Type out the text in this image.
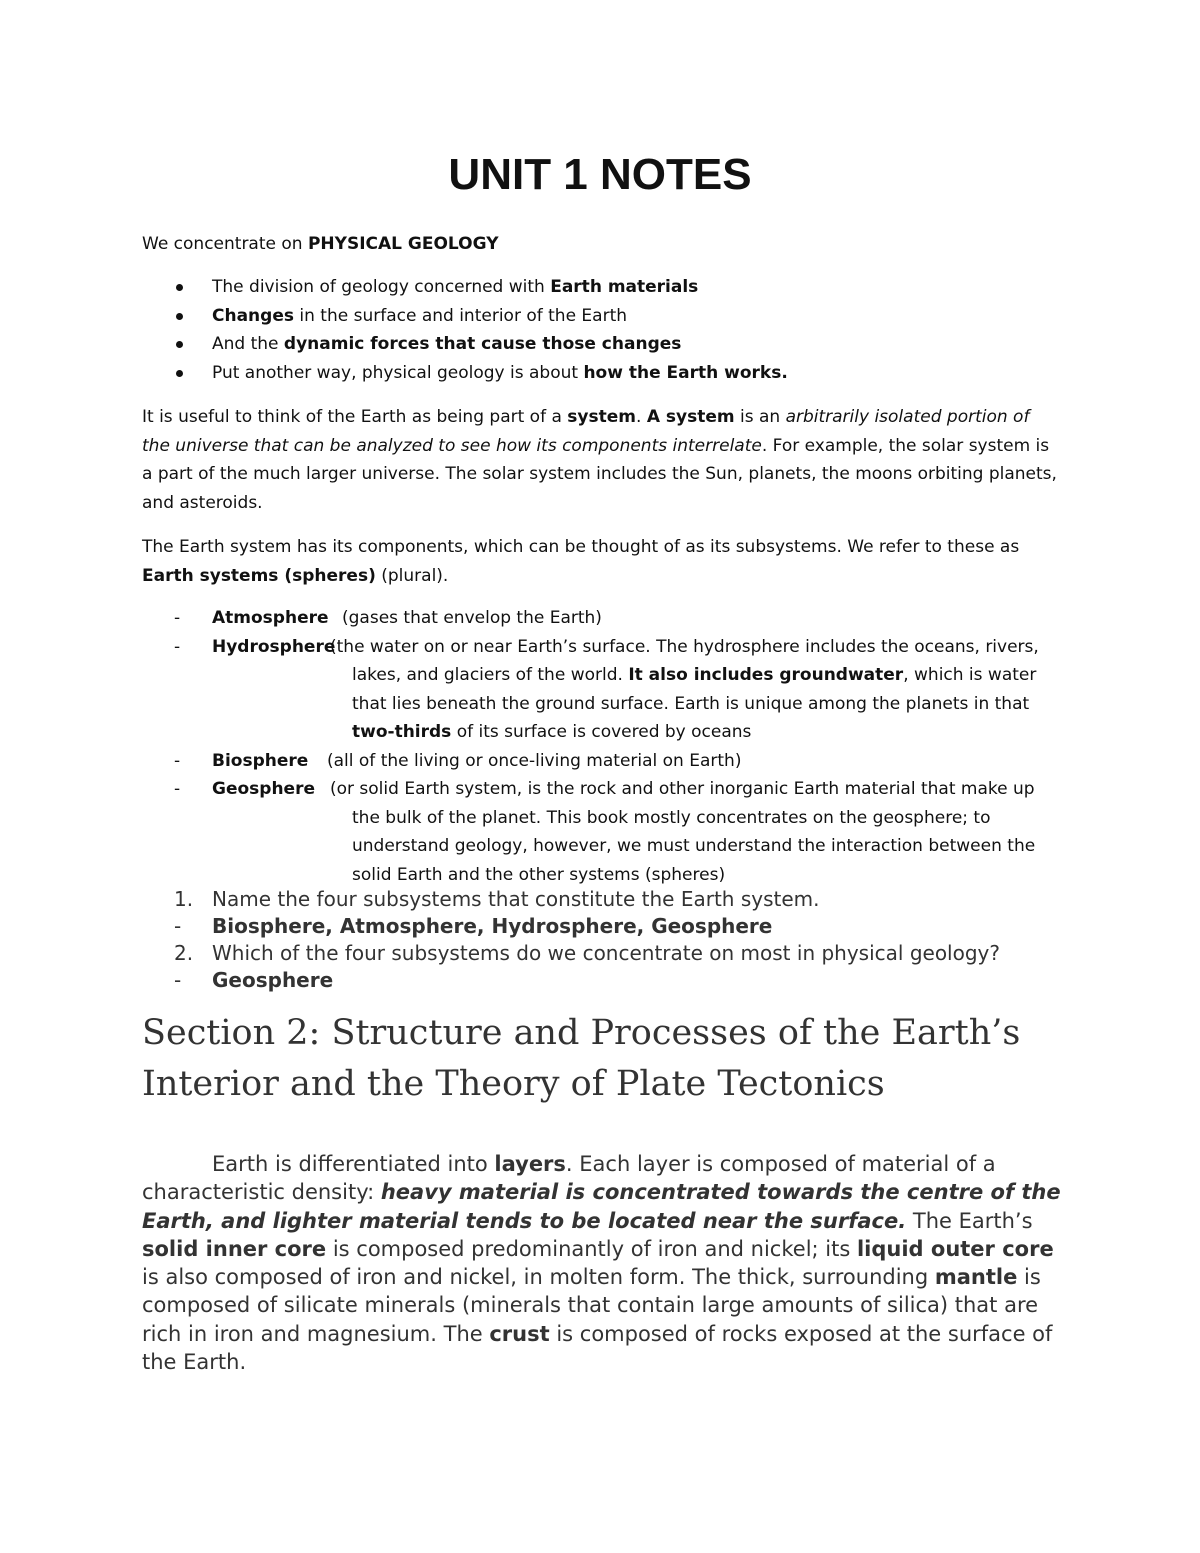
UNIT 1 NOTES
We concentrate on PHYSICAL GEOLOGY
The division of geology concerned with Earth materials
Changes in the surface and interior of the Earth
And the dynamic forces that cause those changes
Put another way, physical geology is about how the Earth works.
It is useful to think of the Earth as being part of a system. A system is an arbitrarily isolated portion of the universe that can be analyzed to see how its components interrelate. For example, the solar system is a part of the much larger universe. The solar system includes the Sun, planets, the moons orbiting planets, and asteroids.
The Earth system has its components, which can be thought of as its subsystems. We refer to these as Earth systems (spheres) (plural).
- Atmosphere (gases that envelop the Earth)
- Hydrosphere
(the water on or near Earth’s surface. The hydrosphere includes the oceans, rivers,
lakes, and glaciers of the world. It also includes groundwater, which is water that lies beneath the ground surface. Earth is unique among the planets in that two-thirds of its surface is covered by oceans
- Biosphere	(all of the living or once-living material on Earth)
- Geosphere (or solid Earth system, is the rock and other inorganic Earth material that make up
the bulk of the planet. This book mostly concentrates on the geosphere; to understand geology, however, we must understand the interaction between the solid Earth and the other systems (spheres)
1. Name the four subsystems that constitute the Earth system.
-	Biosphere, Atmosphere, Hydrosphere, Geosphere
2. Which of the four subsystems do we concentrate on most in physical geology?
-	Geosphere
Section 2: Structure and Processes of the Earth’s Interior and the Theory of Plate Tectonics
Earth is differentiated into layers. Each layer is composed of material of a characteristic density: heavy material is concentrated towards the centre of the Earth, and lighter material tends to be located near the surface. The Earth’s solid inner core is composed predominantly of iron and nickel; its liquid outer core is also composed of iron and nickel, in molten form. The thick, surrounding mantle is composed of silicate minerals (minerals that contain large amounts of silica) that are rich in iron and magnesium. The crust is composed of rocks exposed at the surface of the Earth.
